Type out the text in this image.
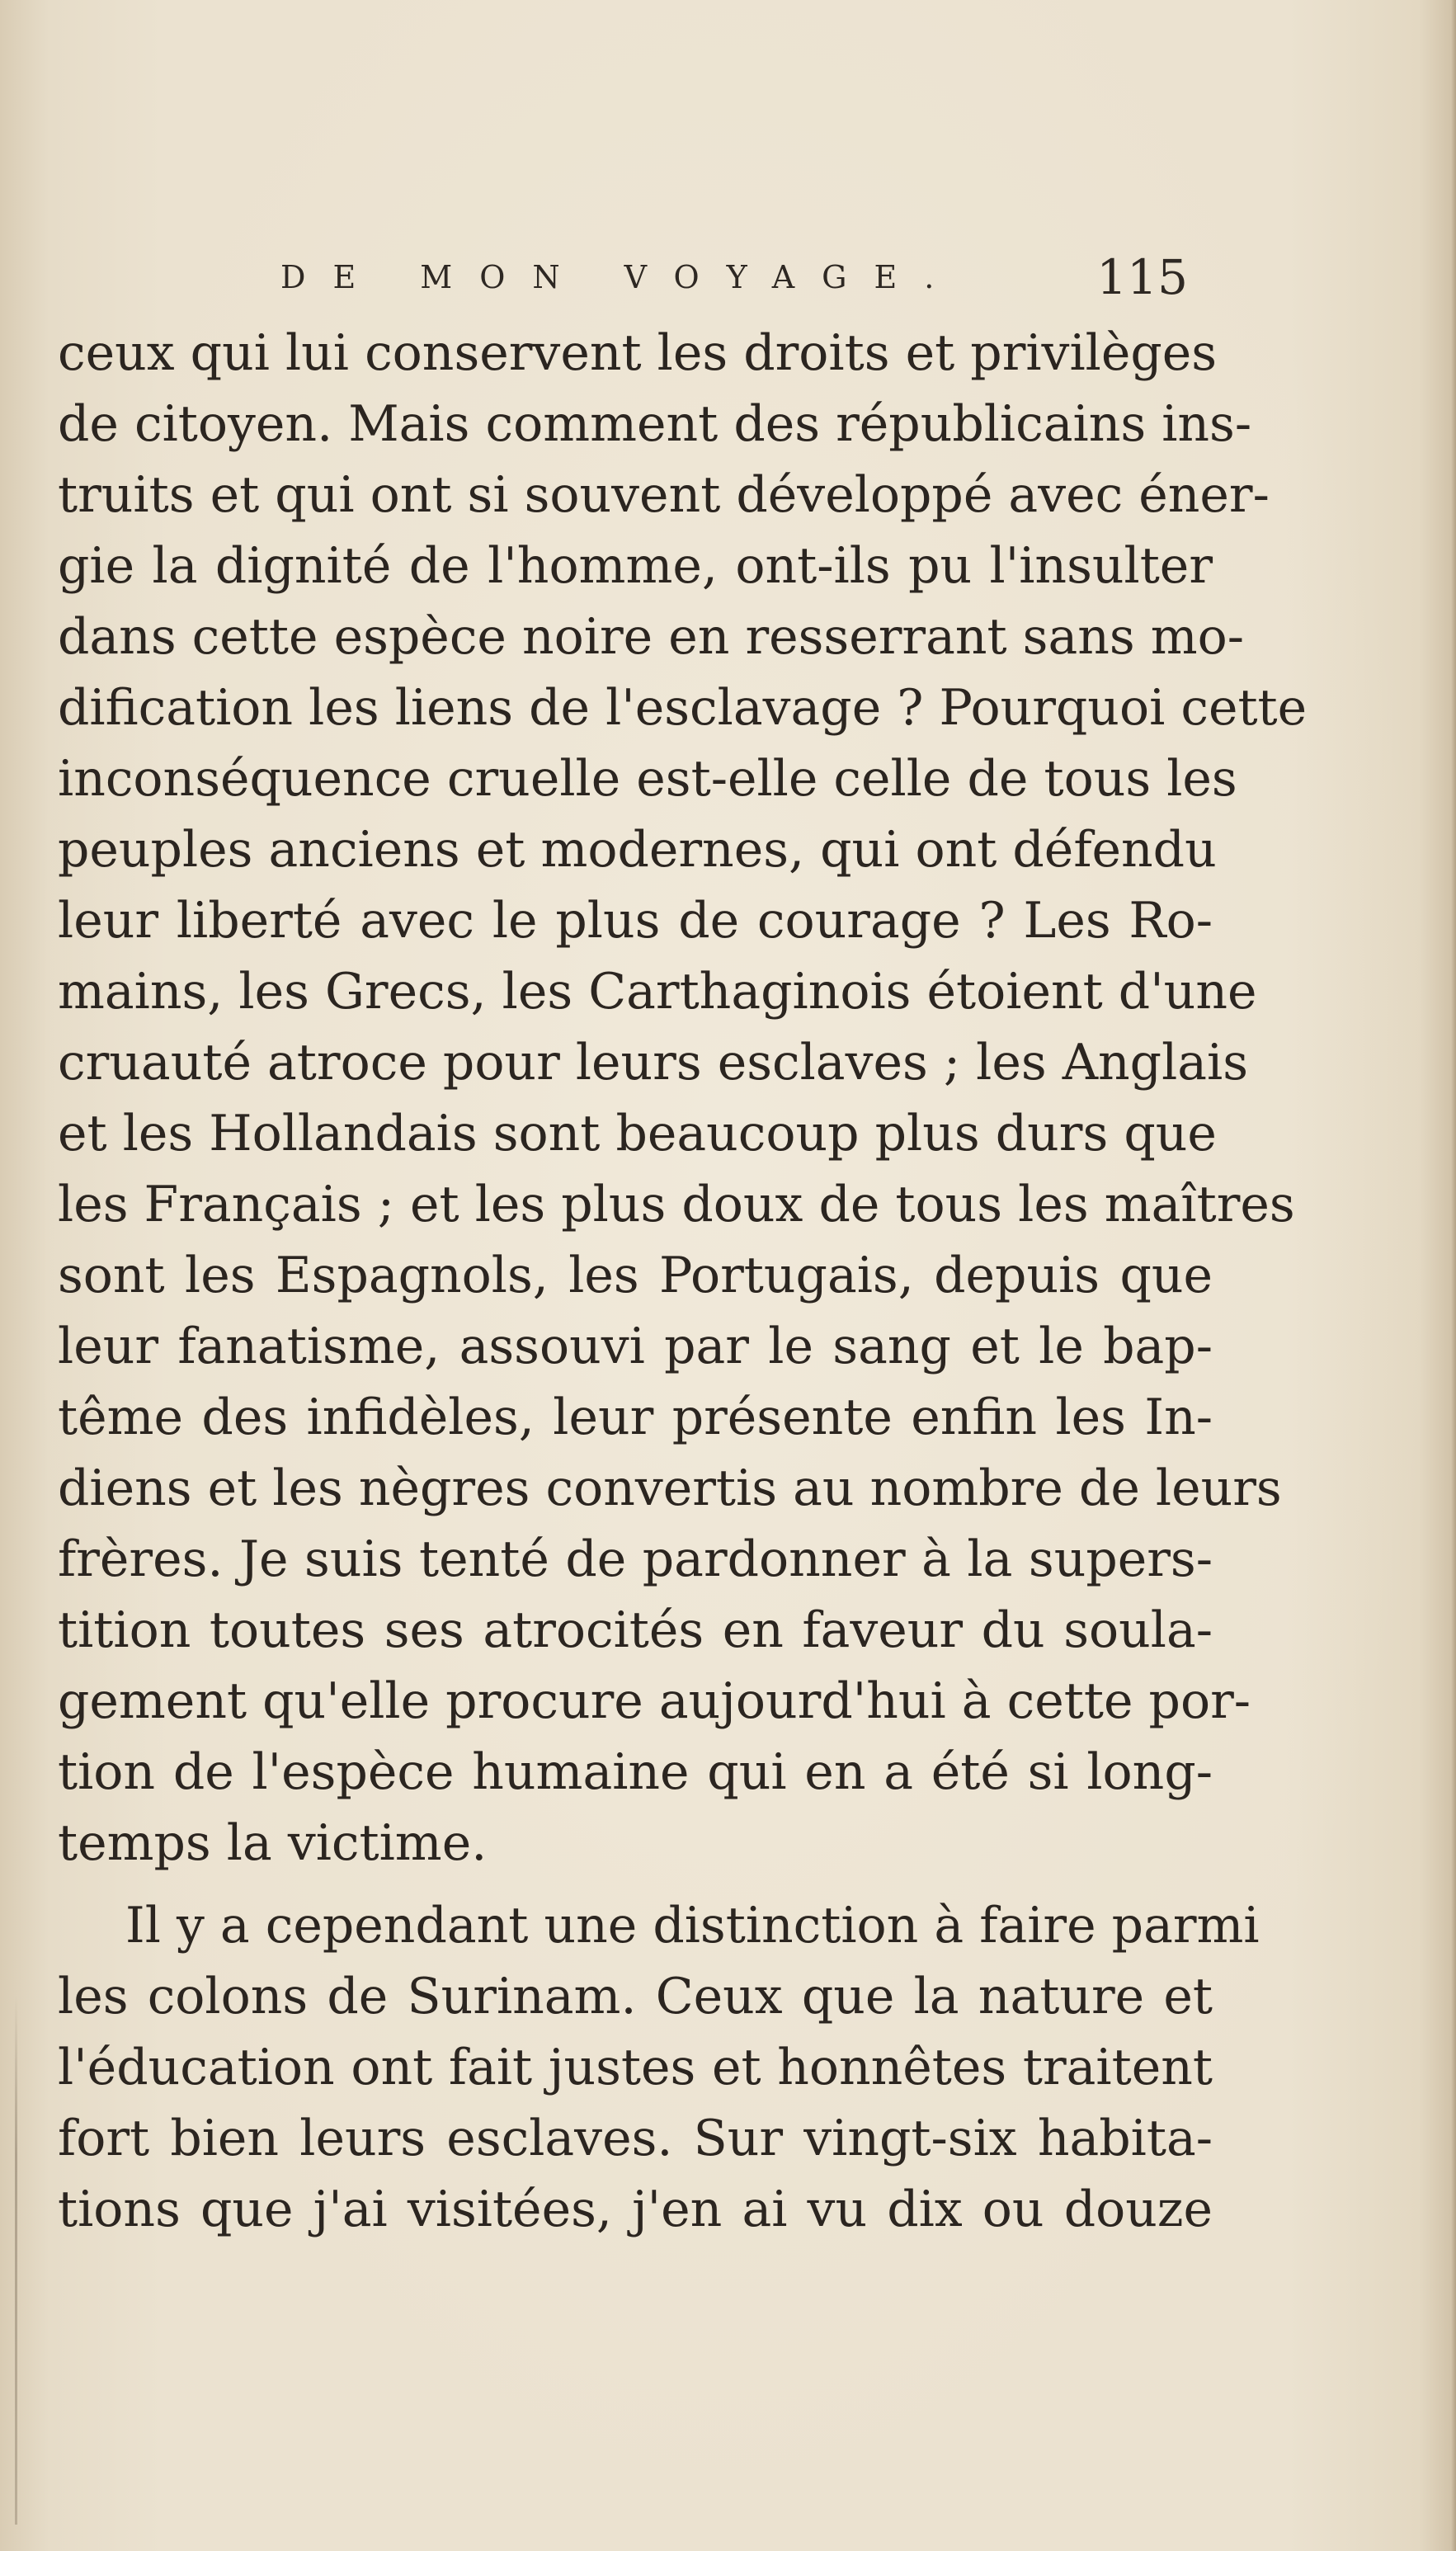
DE MON VOYAGE.	115
ceux qui lui conservent les droits et privilèges
de citoyen. Mais comment des républicains ins-
truits et qui ont si souvent développé avec éner-
gie la dignité de l'homme, ont-ils pu l'insulter
dans cette espèce noire en resserrant sans mo-
dification les liens de l'esclavage ? Pourquoi cette
inconséquence cruelle est-elle celle de tous les
peuples anciens et modernes, qui ont défendu
leur liberté avec le plus de courage ? Les Ro-
mains, les Grecs, les Carthaginois étoient d'une
cruauté atroce pour leurs esclaves ; les Anglais
et les Hollandais sont beaucoup plus durs que
les Français ; et les plus doux de tous les maîtres
sont les Espagnols, les Portugais, depuis que
leur fanatisme, assouvi par le sang et le bap-
tême des infidèles, leur présente enfin les In-
diens et les nègres convertis au nombre de leurs
frères. Je suis tenté de pardonner à la supers-
tition toutes ses atrocités en faveur du soula-
gement qu'elle procure aujourd'hui à cette por-
tion de l'espèce humaine qui en a été si long-
temps la victime.
Il y a cependant une distinction à faire parmi
les colons de Surinam. Ceux que la nature et
l'éducation ont fait justes et honnêtes traitent
fort bien leurs esclaves. Sur vingt-six habita-
tions que j'ai visitées, j'en ai vu dix ou douze
